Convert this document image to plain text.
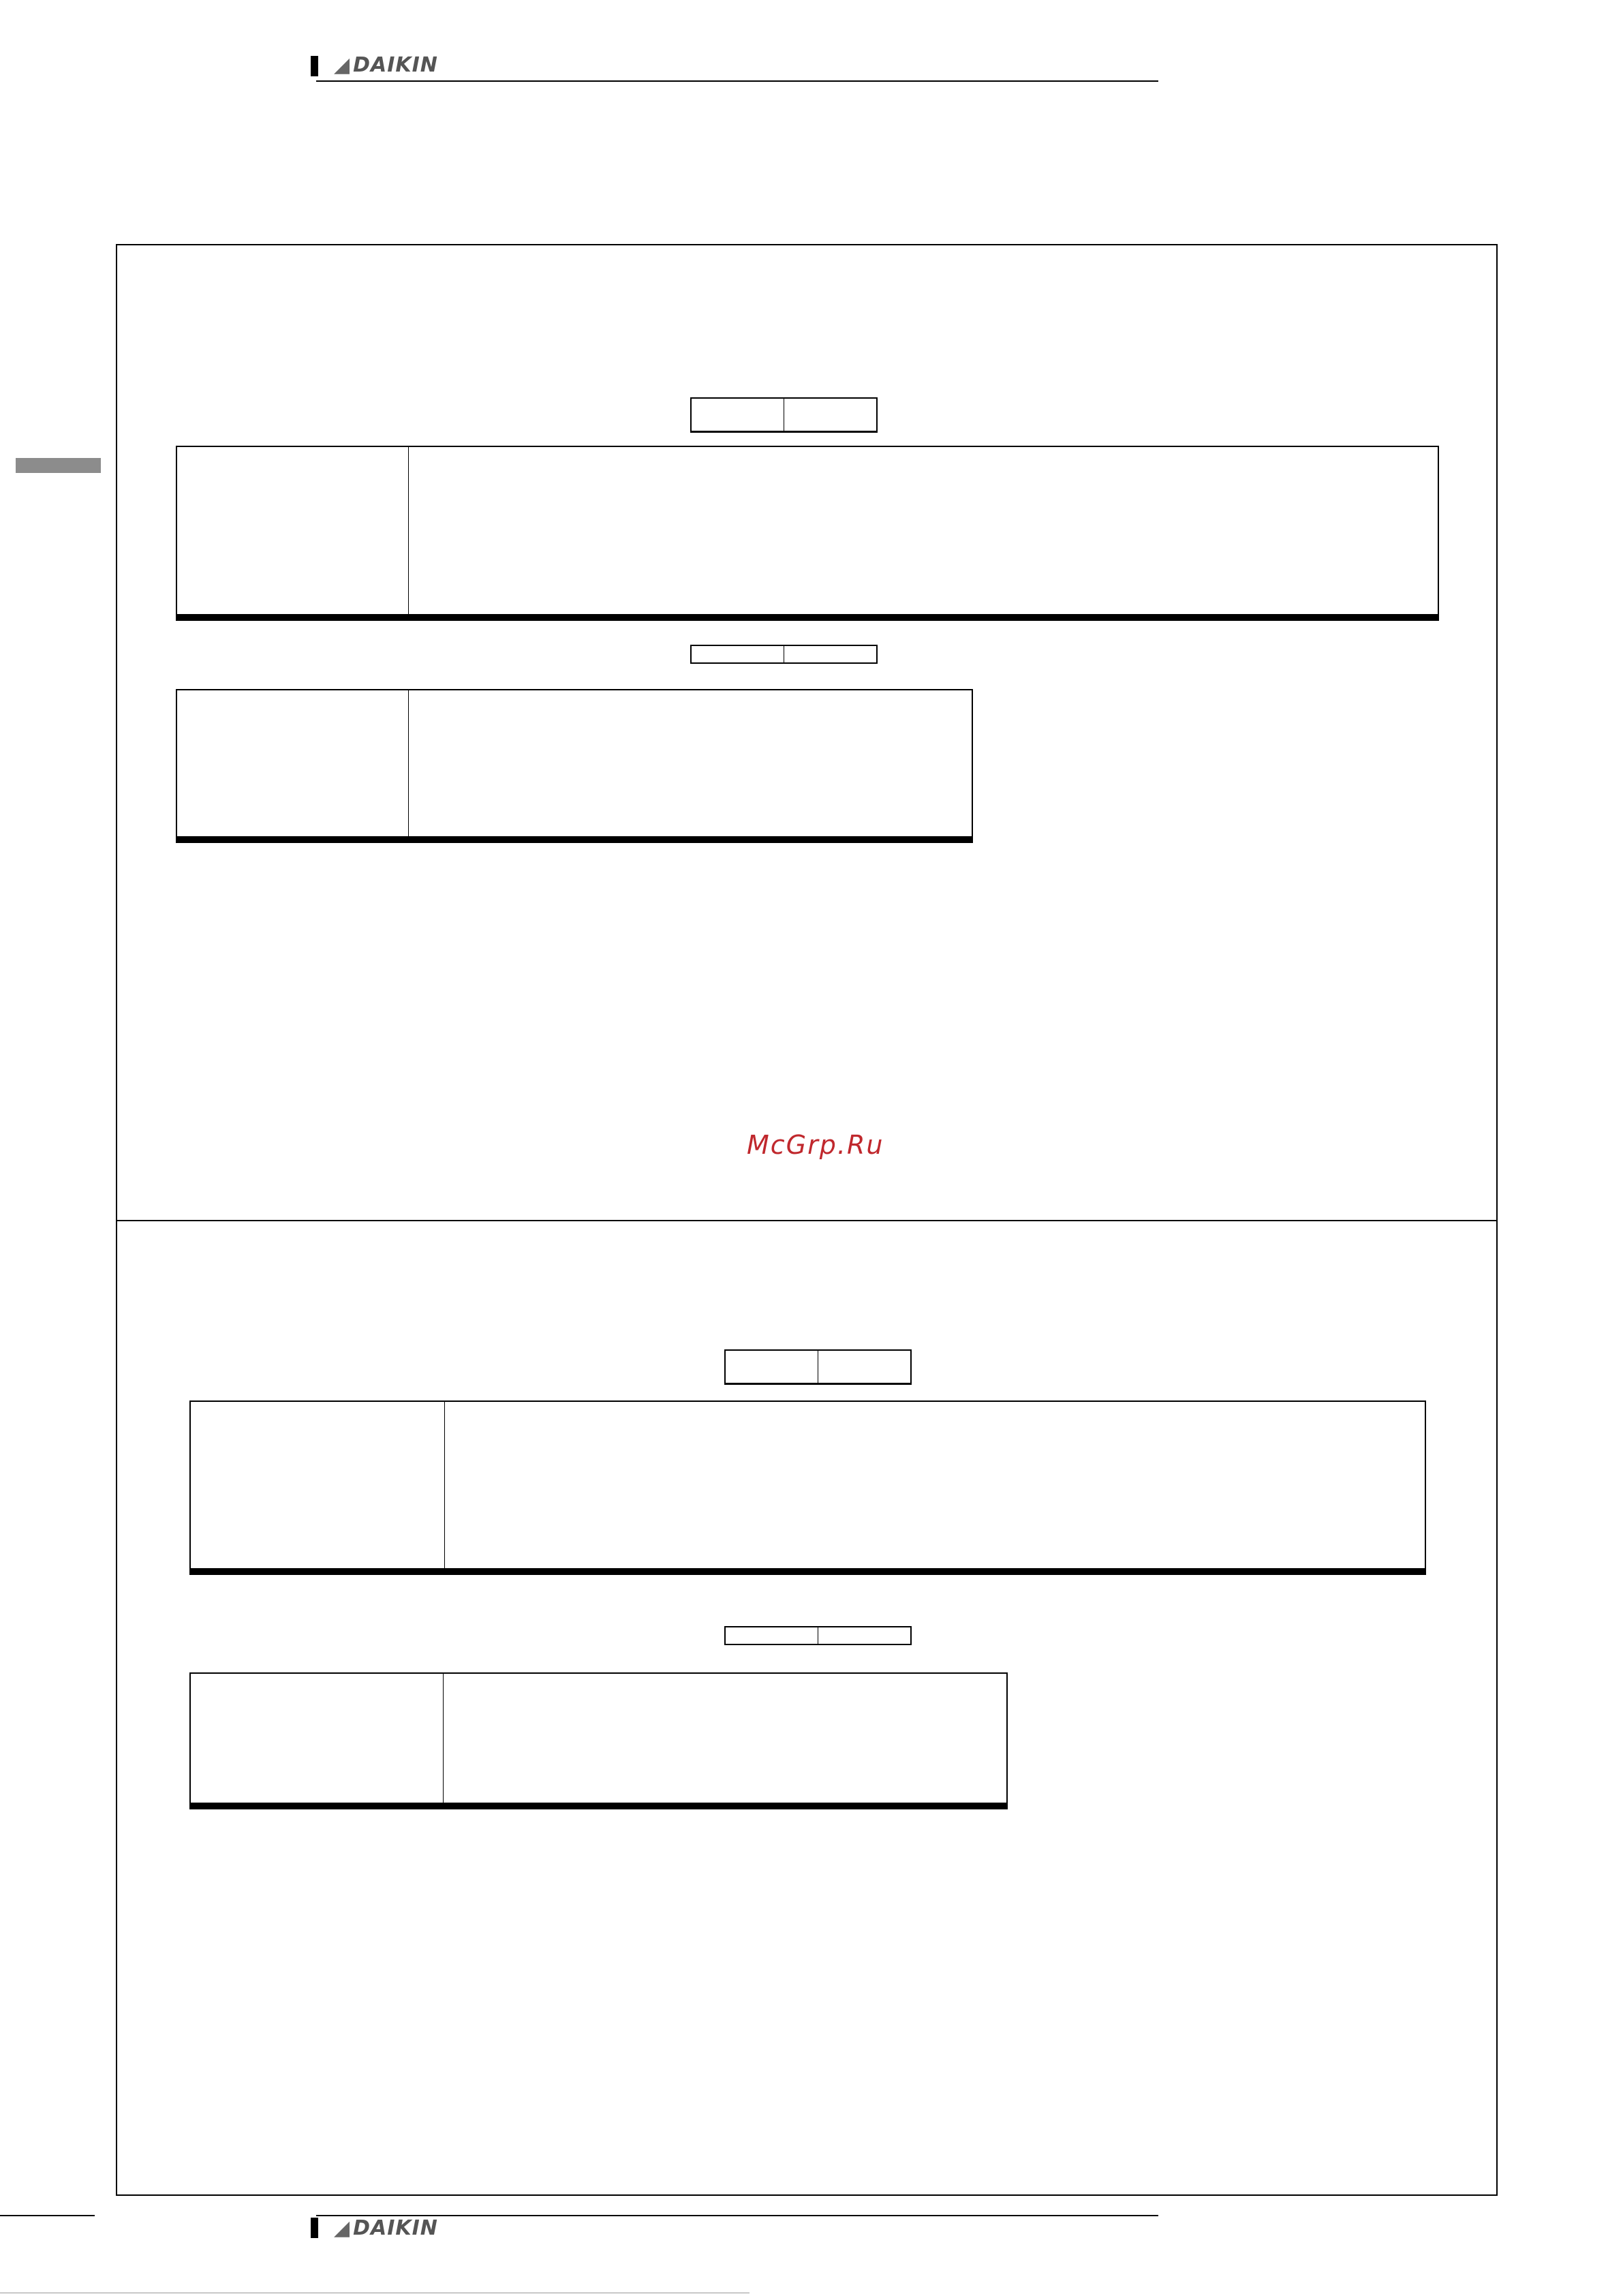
◢ DAIKIN

McGrp.Ru

◢ DAIKIN
